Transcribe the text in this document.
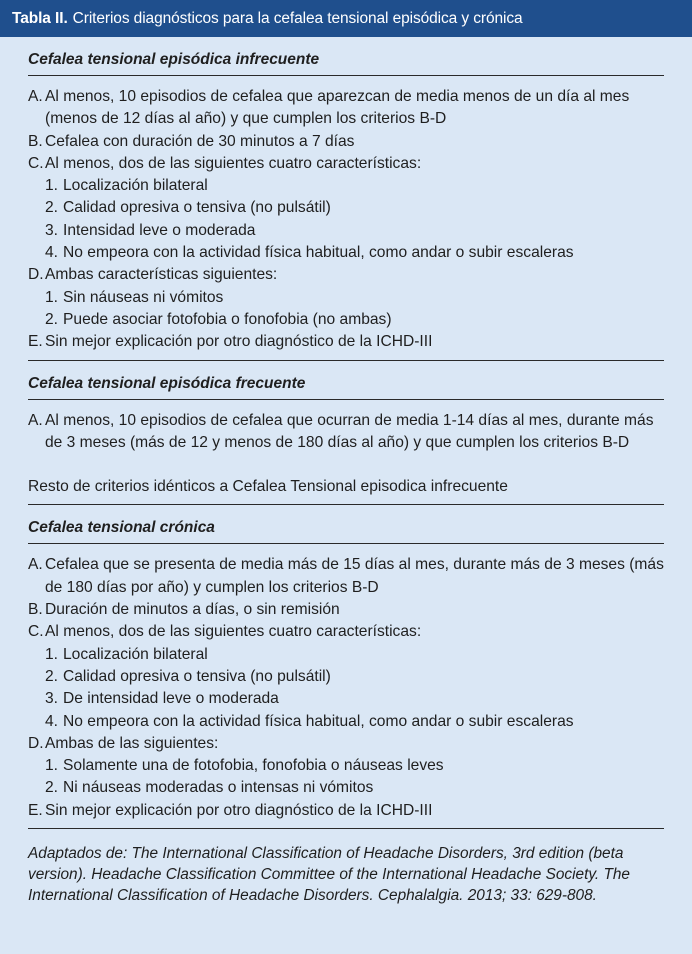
Tabla II. Criterios diagnósticos para la cefalea tensional episódica y crónica
Cefalea tensional episódica infrecuente
A. Al menos, 10 episodios de cefalea que aparezcan de media menos de un día al mes (menos de 12 días al año) y que cumplen los criterios B-D
B. Cefalea con duración de 30 minutos a 7 días
C. Al menos, dos de las siguientes cuatro características:
1. Localización bilateral
2. Calidad opresiva o tensiva (no pulsátil)
3. Intensidad leve o moderada
4. No empeora con la actividad física habitual, como andar o subir escaleras
D. Ambas características siguientes:
1. Sin náuseas ni vómitos
2. Puede asociar fotofobia o fonofobia (no ambas)
E. Sin mejor explicación por otro diagnóstico de la ICHD-III
Cefalea tensional episódica frecuente
A. Al menos, 10 episodios de cefalea que ocurran de media 1-14 días al mes, durante más de 3 meses (más de 12 y menos de 180 días al año) y que cumplen los criterios B-D
Resto de criterios idénticos a Cefalea Tensional episodica infrecuente
Cefalea tensional crónica
A. Cefalea que se presenta de media más de 15 días al mes, durante más de 3 meses (más de 180 días por año) y cumplen los criterios B-D
B. Duración de minutos a días, o sin remisión
C. Al menos, dos de las siguientes cuatro características:
1. Localización bilateral
2. Calidad opresiva o tensiva (no pulsátil)
3. De intensidad leve o moderada
4. No empeora con la actividad física habitual, como andar o subir escaleras
D. Ambas de las siguientes:
1. Solamente una de fotofobia, fonofobia o náuseas leves
2. Ni náuseas moderadas o intensas ni vómitos
E. Sin mejor explicación por otro diagnóstico de la ICHD-III
Adaptados de: The International Classification of Headache Disorders, 3rd edition (beta version). Headache Classification Committee of the International Headache Society. The International Classification of Headache Disorders. Cephalalgia. 2013; 33: 629-808.
